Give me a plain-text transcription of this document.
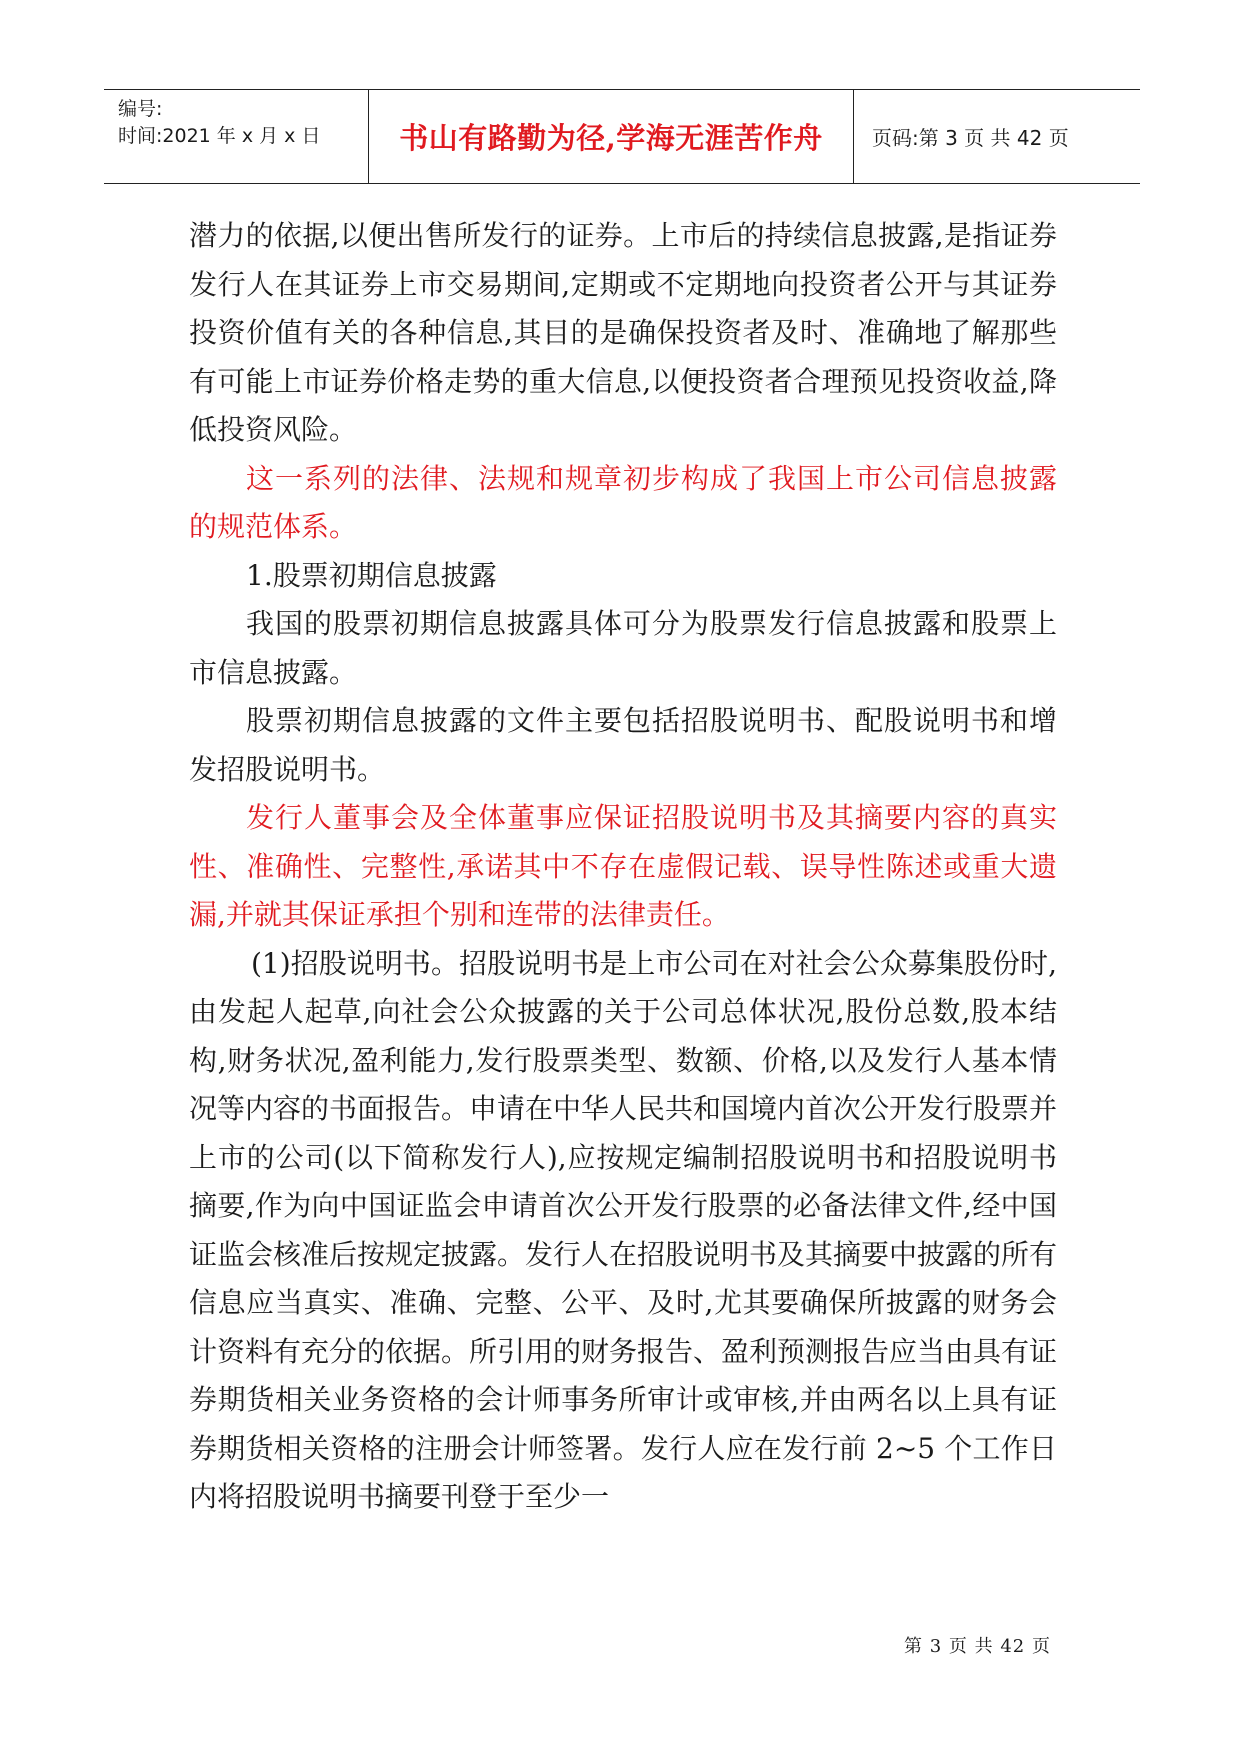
编号:
时间:2021 年 x 月 x 日	书山有路勤为径,学海无涯苦作舟	页码:第 3 页 共 42 页

潜力的依据,以便出售所发行的证券。上市后的持续信息披露,是指证券发行人在其证券上市交易期间,定期或不定期地向投资者公开与其证券投资价值有关的各种信息,其目的是确保投资者及时、准确地了解那些有可能上市证券价格走势的重大信息,以便投资者合理预见投资收益,降低投资风险。

这一系列的法律、法规和规章初步构成了我国上市公司信息披露的规范体系。

1.股票初期信息披露

我国的股票初期信息披露具体可分为股票发行信息披露和股票上市信息披露。

股票初期信息披露的文件主要包括招股说明书、配股说明书和增发招股说明书。

发行人董事会及全体董事应保证招股说明书及其摘要内容的真实性、准确性、完整性,承诺其中不存在虚假记载、误导性陈述或重大遗漏,并就其保证承担个别和连带的法律责任。

(1)招股说明书。招股说明书是上市公司在对社会公众募集股份时,由发起人起草,向社会公众披露的关于公司总体状况,股份总数,股本结构,财务状况,盈利能力,发行股票类型、数额、价格,以及发行人基本情况等内容的书面报告。申请在中华人民共和国境内首次公开发行股票并上市的公司(以下简称发行人),应按规定编制招股说明书和招股说明书摘要,作为向中国证监会申请首次公开发行股票的必备法律文件,经中国证监会核准后按规定披露。发行人在招股说明书及其摘要中披露的所有信息应当真实、准确、完整、公平、及时,尤其要确保所披露的财务会计资料有充分的依据。所引用的财务报告、盈利预测报告应当由具有证券期货相关业务资格的会计师事务所审计或审核,并由两名以上具有证券期货相关资格的注册会计师签署。发行人应在发行前 2~5 个工作日内将招股说明书摘要刊登于至少一

第 3 页 共 42 页
